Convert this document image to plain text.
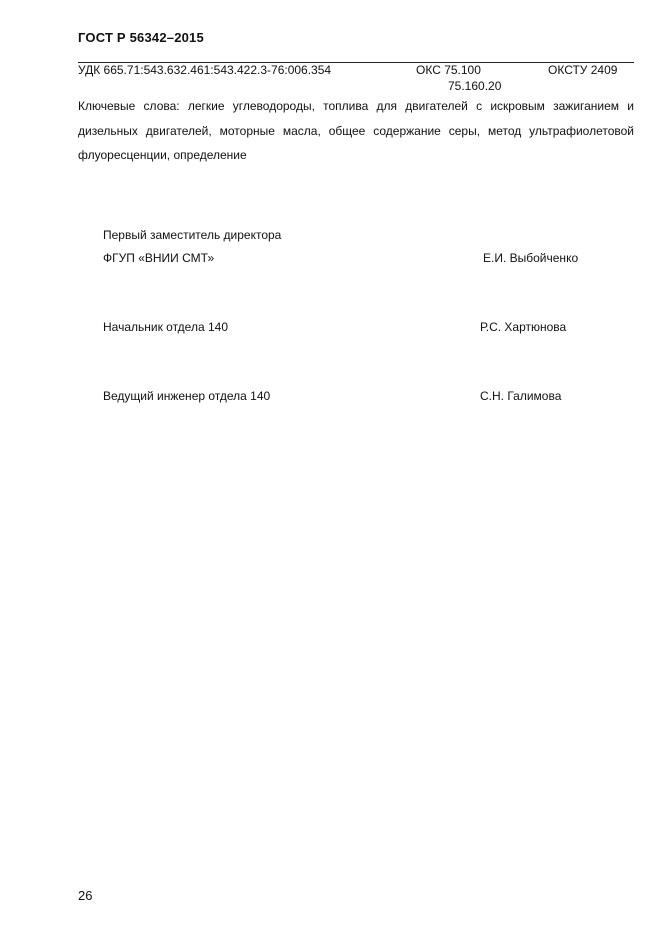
ГОСТ Р 56342–2015
УДК 665.71:543.632.461:543.422.3-76:006.354	ОКС 75.100
75.160.20
ОКСТУ 2409
Ключевые слова: легкие углеводороды, топлива для двигателей с искровым зажиганием и дизельных двигателей, моторные масла, общее содержание серы, метод ультрафиолетовой флуоресценции, определение
Первый заместитель директора
ФГУП «ВНИИ СМТ»	Е.И. Выбойченко
Начальник отдела 140	Р.С. Хартюнова
Ведущий инженер отдела 140	С.Н. Галимова
26
